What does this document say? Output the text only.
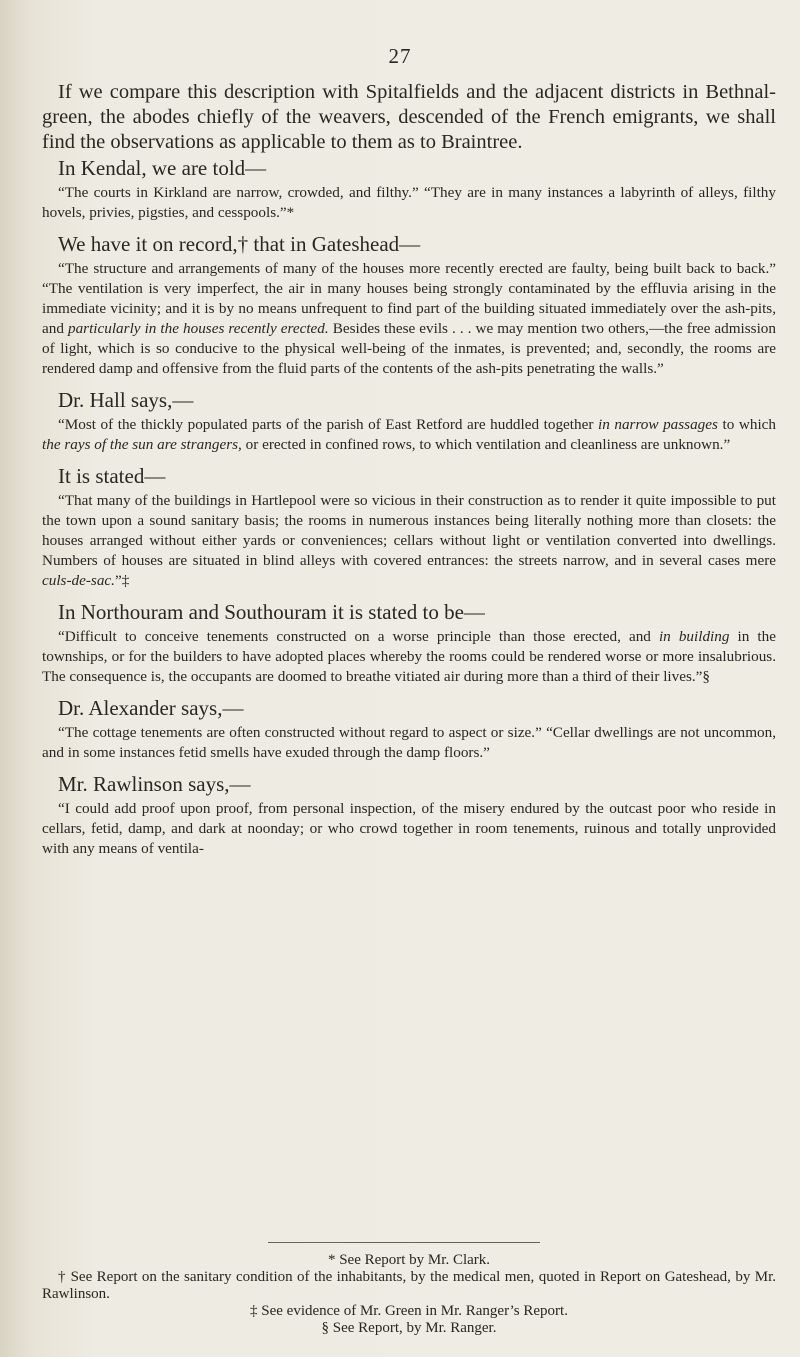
27

If we compare this description with Spitalfields and the adjacent districts in Bethnal-green, the abodes chiefly of the weavers, descended of the French emigrants, we shall find the observations as applicable to them as to Braintree.

In Kendal, we are told—

“The courts in Kirkland are narrow, crowded, and filthy.” “They are in many instances a labyrinth of alleys, filthy hovels, privies, pigsties, and cesspools.”*

We have it on record,† that in Gateshead—

“The structure and arrangements of many of the houses more recently erected are faulty, being built back to back.” “The ventilation is very imperfect, the air in many houses being strongly contaminated by the effluvia arising in the immediate vicinity; and it is by no means unfrequent to find part of the building situated immediately over the ash-pits, and particularly in the houses recently erected. Besides these evils . . . we may mention two others,—the free admission of light, which is so conducive to the physical well-being of the inmates, is prevented; and, secondly, the rooms are rendered damp and offensive from the fluid parts of the contents of the ash-pits penetrating the walls.”

Dr. Hall says,—

“Most of the thickly populated parts of the parish of East Retford are huddled together in narrow passages to which the rays of the sun are strangers, or erected in confined rows, to which ventilation and cleanliness are unknown.”

It is stated—

“That many of the buildings in Hartlepool were so vicious in their construction as to render it quite impossible to put the town upon a sound sanitary basis; the rooms in numerous instances being literally nothing more than closets: the houses arranged without either yards or conveniences; cellars without light or ventilation converted into dwellings. Numbers of houses are situated in blind alleys with covered entrances: the streets narrow, and in several cases mere culs-de-sac.”‡

In Northouram and Southouram it is stated to be—

“Difficult to conceive tenements constructed on a worse principle than those erected, and in building in the townships, or for the builders to have adopted places whereby the rooms could be rendered worse or more insalubrious. The consequence is, the occupants are doomed to breathe vitiated air during more than a third of their lives.”§

Dr. Alexander says,—

“The cottage tenements are often constructed without regard to aspect or size.” “Cellar dwellings are not uncommon, and in some instances fetid smells have exuded through the damp floors.”

Mr. Rawlinson says,—

“I could add proof upon proof, from personal inspection, of the misery endured by the outcast poor who reside in cellars, fetid, damp, and dark at noonday; or who crowd together in room tenements, ruinous and totally unprovided with any means of ventila-

* See Report by Mr. Clark.

† See Report on the sanitary condition of the inhabitants, by the medical men, quoted in Report on Gateshead, by Mr. Rawlinson.

‡ See evidence of Mr. Green in Mr. Ranger’s Report.

§ See Report, by Mr. Ranger.
